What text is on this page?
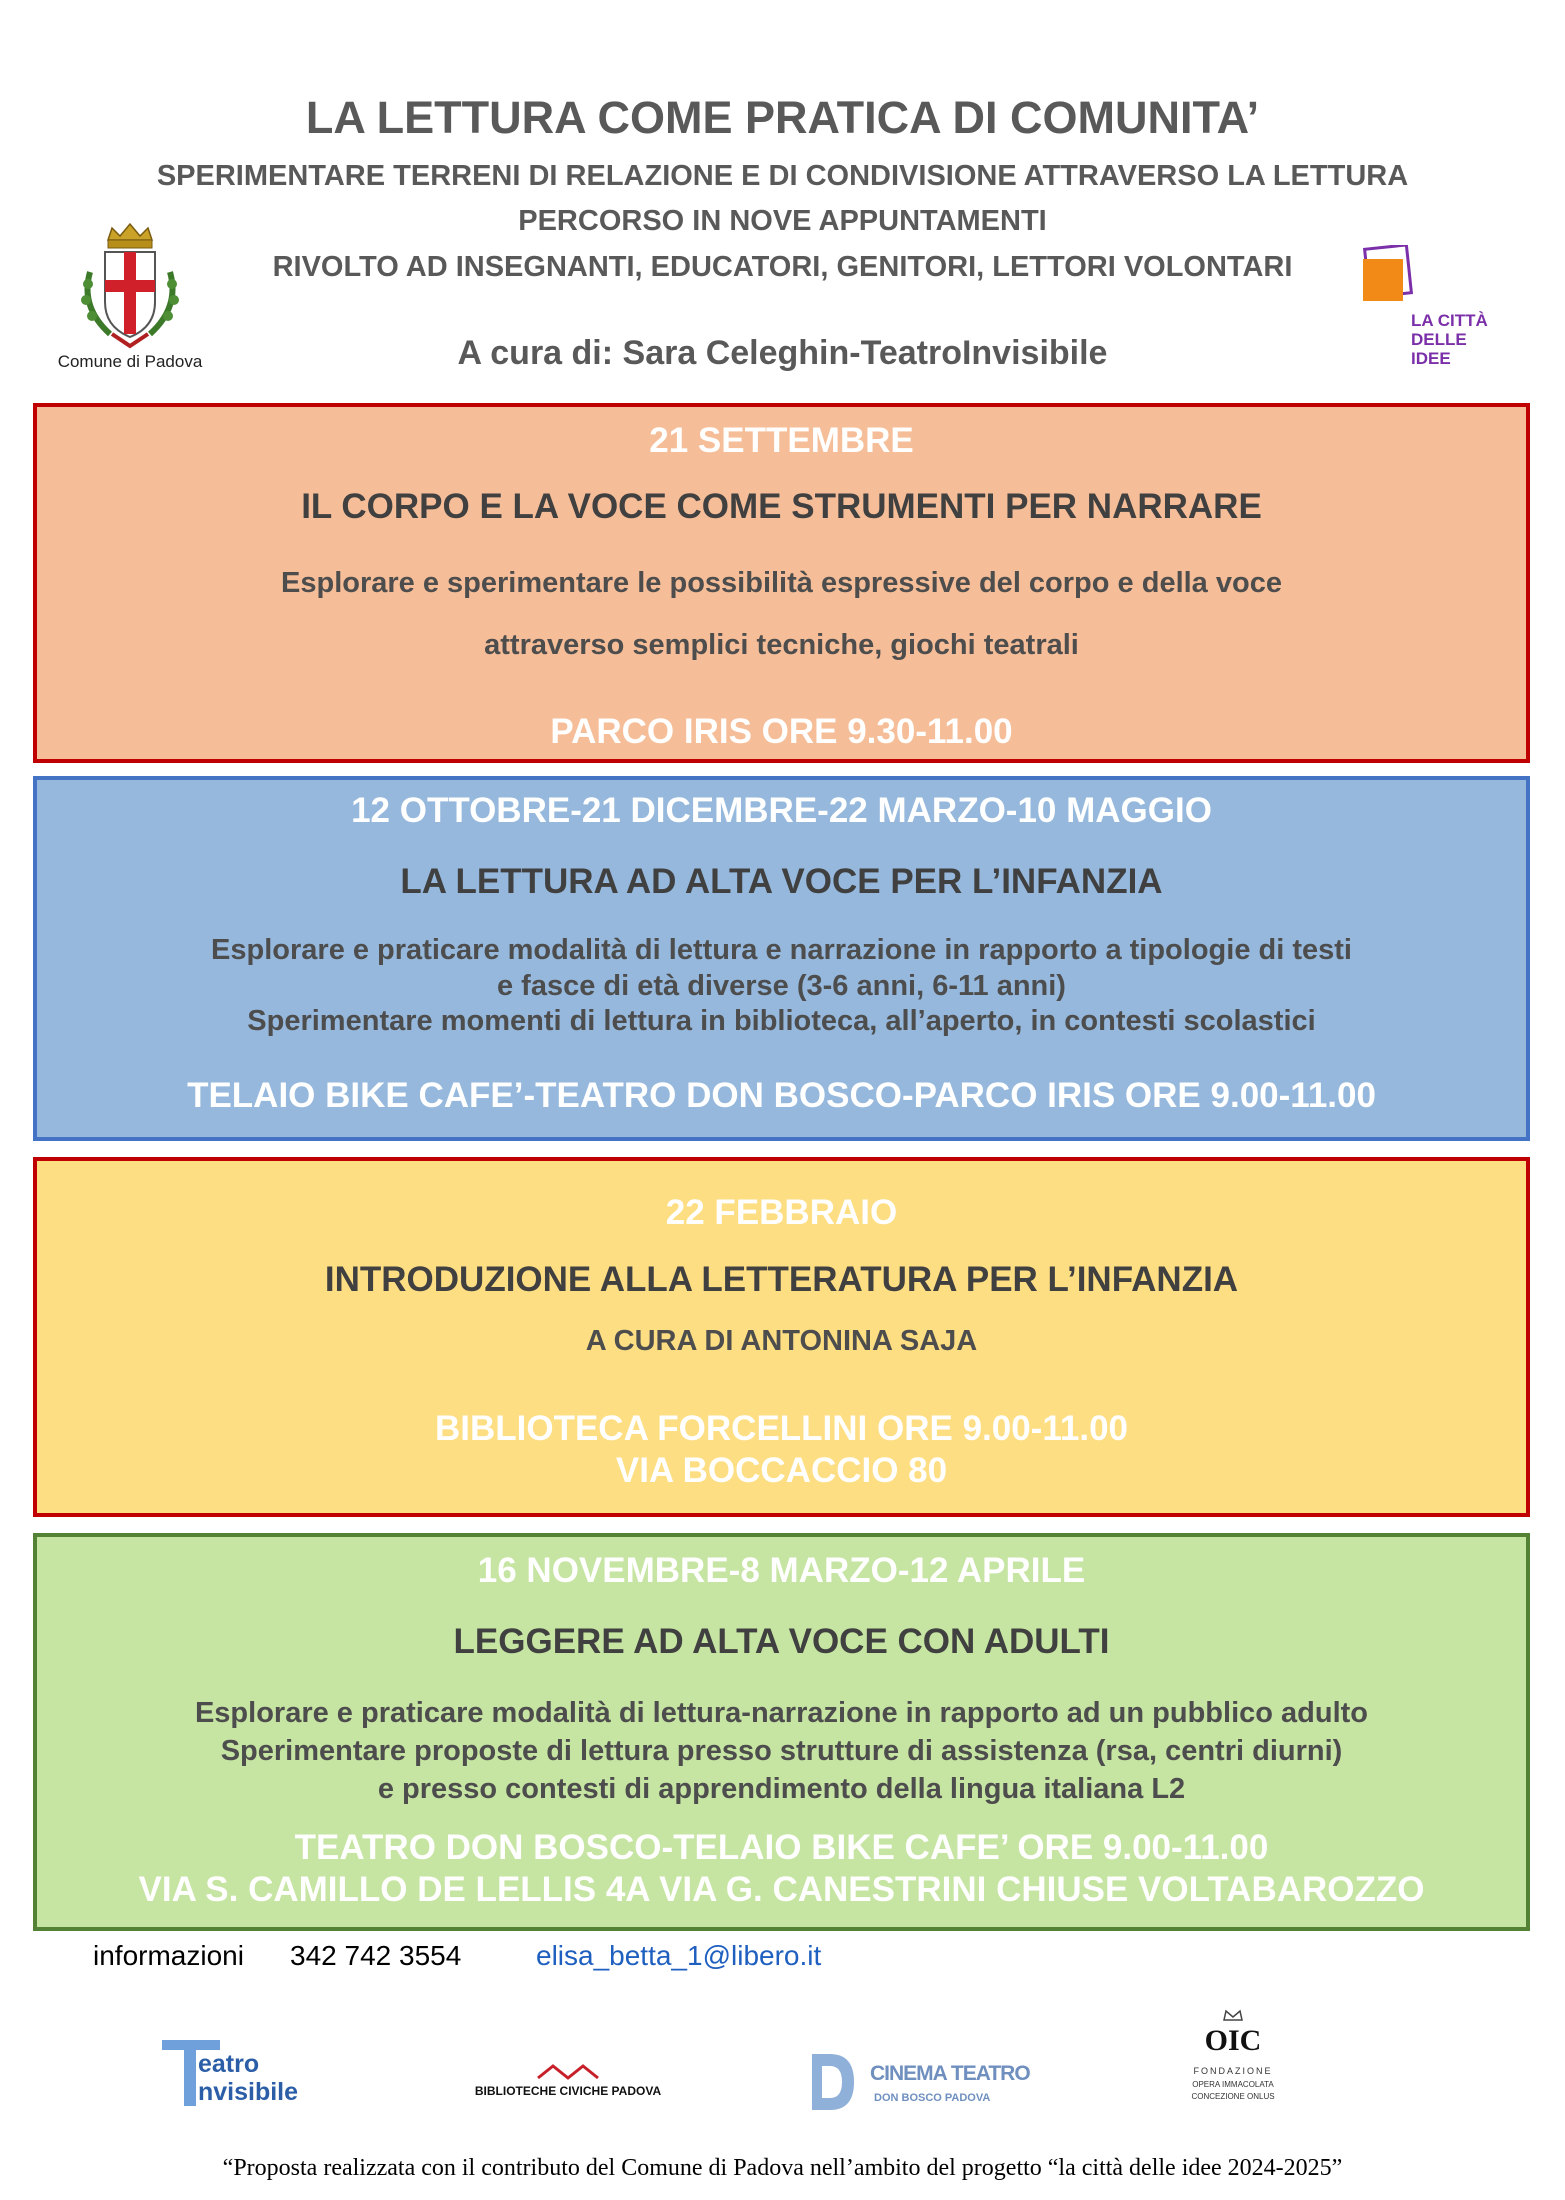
LA LETTURA COME PRATICA DI COMUNITA’
SPERIMENTARE TERRENI DI RELAZIONE E DI CONDIVISIONE ATTRAVERSO LA LETTURA
PERCORSO IN NOVE APPUNTAMENTI
RIVOLTO AD INSEGNANTI, EDUCATORI, GENITORI, LETTORI VOLONTARI
A cura di: Sara Celeghin-TeatroInvisibile
Comune di Padova
LA CITTÀ
DELLE
IDEE
21 SETTEMBRE
IL CORPO E LA VOCE COME STRUMENTI PER NARRARE
Esplorare e sperimentare le possibilità espressive del corpo e della voce
attraverso semplici tecniche, giochi teatrali
PARCO IRIS ORE 9.30-11.00
12 OTTOBRE-21 DICEMBRE-22 MARZO-10 MAGGIO
LA LETTURA AD ALTA VOCE PER L’INFANZIA
Esplorare e praticare modalità di lettura e narrazione in rapporto a tipologie di testi
e fasce di età diverse (3-6 anni, 6-11 anni)
Sperimentare momenti di lettura in biblioteca, all’aperto, in contesti scolastici
TELAIO BIKE CAFE’-TEATRO DON BOSCO-PARCO IRIS ORE 9.00-11.00
22 FEBBRAIO
INTRODUZIONE ALLA LETTERATURA PER L’INFANZIA
A CURA DI ANTONINA SAJA
BIBLIOTECA FORCELLINI ORE 9.00-11.00
VIA BOCCACCIO 80
16 NOVEMBRE-8 MARZO-12 APRILE
LEGGERE AD ALTA VOCE CON ADULTI
Esplorare e praticare modalità di lettura-narrazione in rapporto ad un pubblico adulto
Sperimentare proposte di lettura presso strutture di assistenza (rsa, centri diurni)
e presso contesti di apprendimento della lingua italiana L2
TEATRO DON BOSCO-TELAIO BIKE CAFE’ ORE 9.00-11.00
VIA S. CAMILLO DE LELLIS 4A VIA G. CANESTRINI CHIUSE VOLTABAROZZO
informazioni 342 742 3554	elisa_betta_1@libero.it
eatro
nvisibile	BIBLIOTECHE CIVICHE PADOVA
CINEMA TEATRO
DON BOSCO PADOVA
OIC
FONDAZIONE
OPERA IMMACOLATA
CONCEZIONE ONLUS
“Proposta realizzata con il contributo del Comune di Padova nell’ambito del progetto “la città delle idee 2024-2025”
